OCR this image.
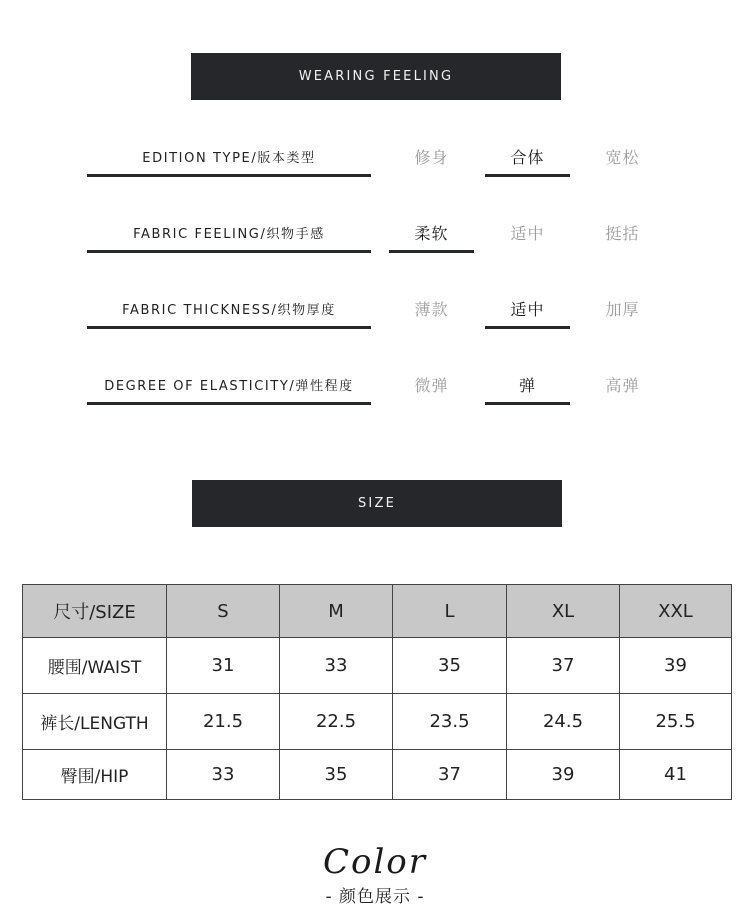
WEARING FEELING
EDITION TYPE/版本类型	修身	合体	宽松
FABRIC FEELING/织物手感	柔软	适中	挺括
FABRIC THICKNESS/织物厚度	薄款	适中	加厚
DEGREE OF ELASTICITY/弹性程度	微弹	弹	高弹
SIZE
尺寸/SIZE	S	M	L	XL	XXL
腰围/WAIST	31	33	35	37	39
裤长/LENGTH	21.5	22.5	23.5	24.5	25.5
臀围/HIP	33	35	37	39	41
Color
- 颜色展示 -
